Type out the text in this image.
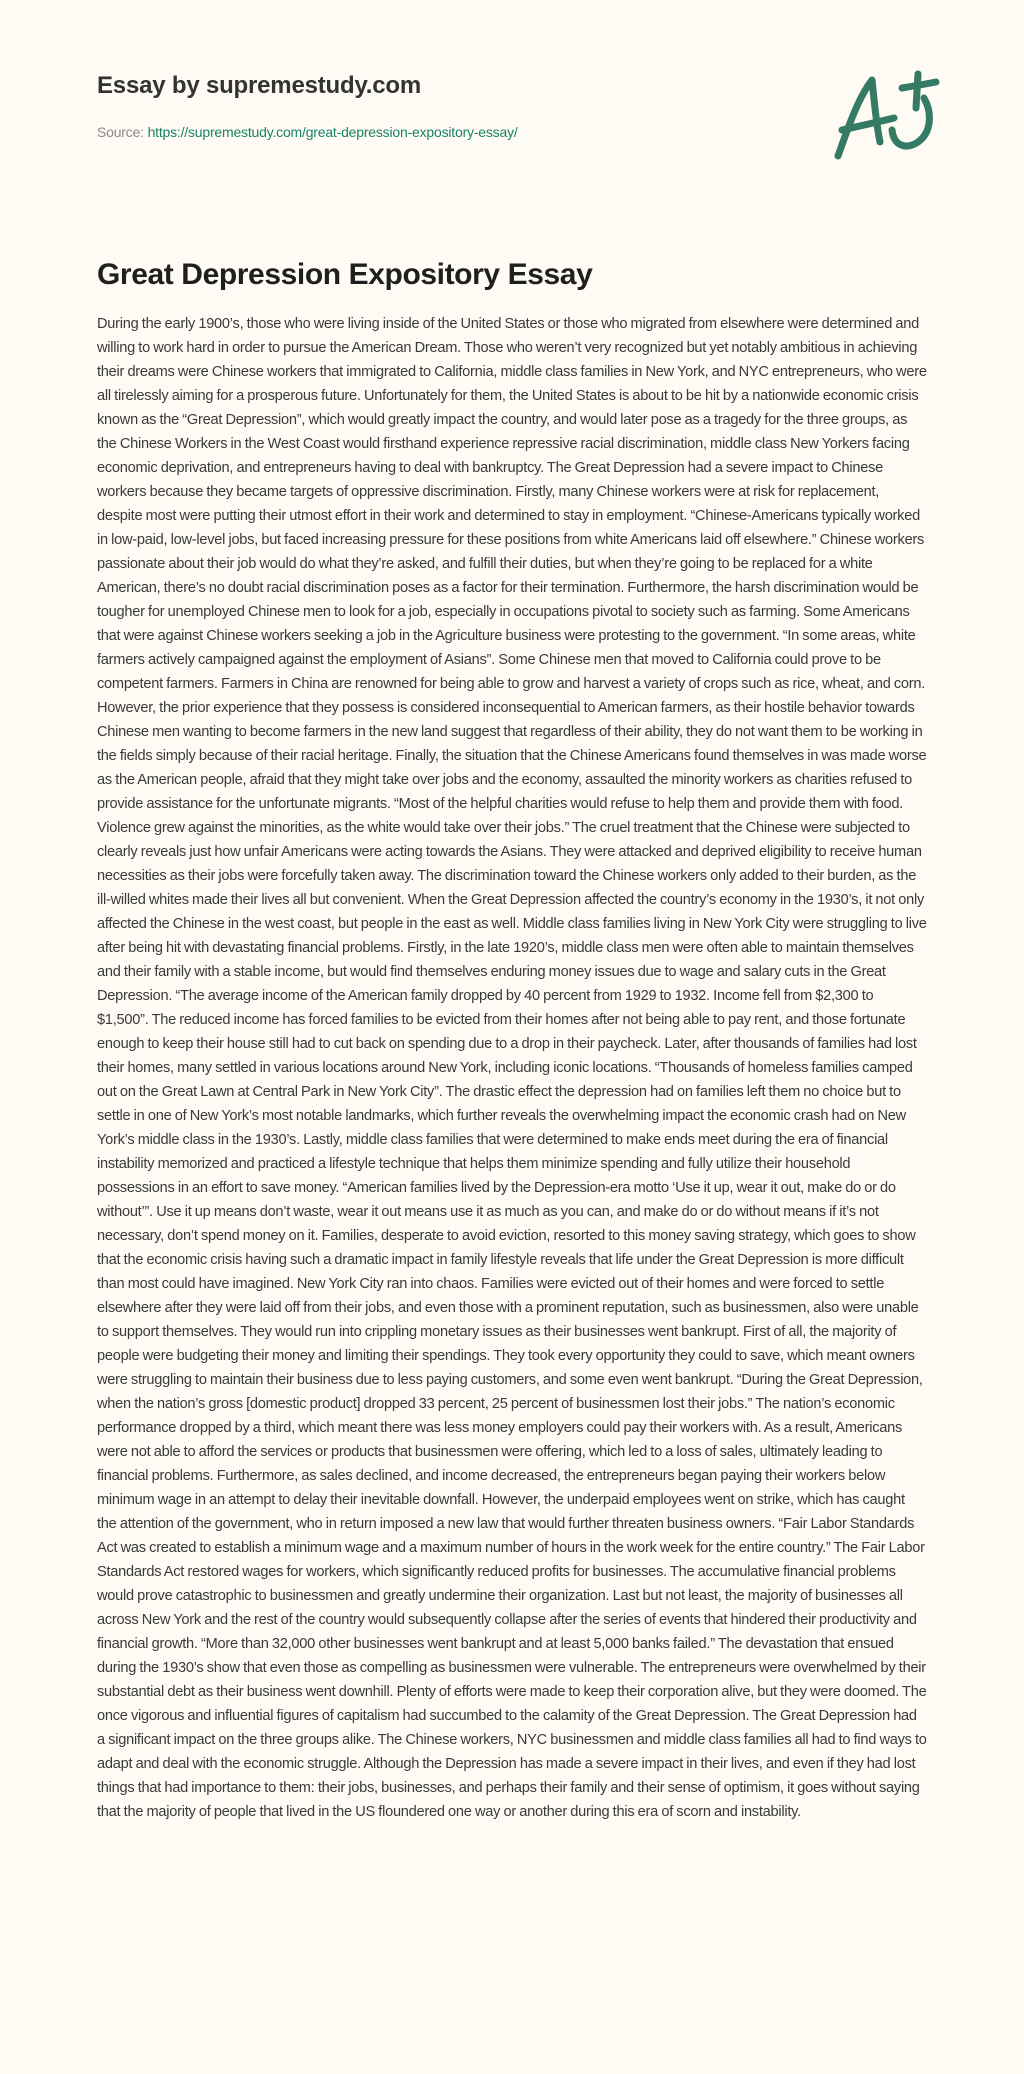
Essay by supremestudy.com
Source: https://supremestudy.com/great-depression-expository-essay/
Great Depression Expository Essay

During the early 1900’s, those who were living inside of the United States or those who migrated from elsewhere were determined and willing to work hard in order to pursue the American Dream. Those who weren’t very recognized but yet notably ambitious in achieving their dreams were Chinese workers that immigrated to California, middle class families in New York, and NYC entrepreneurs, who were all tirelessly aiming for a prosperous future. Unfortunately for them, the United States is about to be hit by a nationwide economic crisis known as the “Great Depression”, which would greatly impact the country, and would later pose as a tragedy for the three groups, as the Chinese Workers in the West Coast would firsthand experience repressive racial discrimination, middle class New Yorkers facing economic deprivation, and entrepreneurs having to deal with bankruptcy. The Great Depression had a severe impact to Chinese workers because they became targets of oppressive discrimination. Firstly, many Chinese workers were at risk for replacement, despite most were putting their utmost effort in their work and determined to stay in employment. “Chinese-Americans typically worked in low-paid, low-level jobs, but faced increasing pressure for these positions from white Americans laid off elsewhere.” Chinese workers passionate about their job would do what they’re asked, and fulfill their duties, but when they’re going to be replaced for a white American, there’s no doubt racial discrimination poses as a factor for their termination. Furthermore, the harsh discrimination would be tougher for unemployed Chinese men to look for a job, especially in occupations pivotal to society such as farming. Some Americans that were against Chinese workers seeking a job in the Agriculture business were protesting to the government. “In some areas, white farmers actively campaigned against the employment of Asians”. Some Chinese men that moved to California could prove to be competent farmers. Farmers in China are renowned for being able to grow and harvest a variety of crops such as rice, wheat, and corn. However, the prior experience that they possess is considered inconsequential to American farmers, as their hostile behavior towards Chinese men wanting to become farmers in the new land suggest that regardless of their ability, they do not want them to be working in the fields simply because of their racial heritage. Finally, the situation that the Chinese Americans found themselves in was made worse as the American people, afraid that they might take over jobs and the economy, assaulted the minority workers as charities refused to provide assistance for the unfortunate migrants. “Most of the helpful charities would refuse to help them and provide them with food. Violence grew against the minorities, as the white would take over their jobs.” The cruel treatment that the Chinese were subjected to clearly reveals just how unfair Americans were acting towards the Asians. They were attacked and deprived eligibility to receive human necessities as their jobs were forcefully taken away. The discrimination toward the Chinese workers only added to their burden, as the ill-willed whites made their lives all but convenient. When the Great Depression affected the country’s economy in the 1930’s, it not only affected the Chinese in the west coast, but people in the east as well. Middle class families living in New York City were struggling to live after being hit with devastating financial problems. Firstly, in the late 1920’s, middle class men were often able to maintain themselves and their family with a stable income, but would find themselves enduring money issues due to wage and salary cuts in the Great Depression. “The average income of the American family dropped by 40 percent from 1929 to 1932. Income fell from $2,300 to $1,500”. The reduced income has forced families to be evicted from their homes after not being able to pay rent, and those fortunate enough to keep their house still had to cut back on spending due to a drop in their paycheck. Later, after thousands of families had lost their homes, many settled in various locations around New York, including iconic locations. “Thousands of homeless families camped out on the Great Lawn at Central Park in New York City”. The drastic effect the depression had on families left them no choice but to settle in one of New York’s most notable landmarks, which further reveals the overwhelming impact the economic crash had on New York’s middle class in the 1930’s. Lastly, middle class families that were determined to make ends meet during the era of financial instability memorized and practiced a lifestyle technique that helps them minimize spending and fully utilize their household possessions in an effort to save money. “American families lived by the Depression-era motto ‘Use it up, wear it out, make do or do without’”. Use it up means don’t waste, wear it out means use it as much as you can, and make do or do without means if it’s not necessary, don’t spend money on it. Families, desperate to avoid eviction, resorted to this money saving strategy, which goes to show that the economic crisis having such a dramatic impact in family lifestyle reveals that life under the Great Depression is more difficult than most could have imagined. New York City ran into chaos. Families were evicted out of their homes and were forced to settle elsewhere after they were laid off from their jobs, and even those with a prominent reputation, such as businessmen, also were unable to support themselves. They would run into crippling monetary issues as their businesses went bankrupt. First of all, the majority of people were budgeting their money and limiting their spendings. They took every opportunity they could to save, which meant owners were struggling to maintain their business due to less paying customers, and some even went bankrupt. “During the Great Depression, when the nation’s gross [domestic product] dropped 33 percent, 25 percent of businessmen lost their jobs.” The nation’s economic performance dropped by a third, which meant there was less money employers could pay their workers with. As a result, Americans were not able to afford the services or products that businessmen were offering, which led to a loss of sales, ultimately leading to financial problems. Furthermore, as sales declined, and income decreased, the entrepreneurs began paying their workers below minimum wage in an attempt to delay their inevitable downfall. However, the underpaid employees went on strike, which has caught the attention of the government, who in return imposed a new law that would further threaten business owners. “Fair Labor Standards Act was created to establish a minimum wage and a maximum number of hours in the work week for the entire country.” The Fair Labor Standards Act restored wages for workers, which significantly reduced profits for businesses. The accumulative financial problems would prove catastrophic to businessmen and greatly undermine their organization. Last but not least, the majority of businesses all across New York and the rest of the country would subsequently collapse after the series of events that hindered their productivity and financial growth. “More than 32,000 other businesses went bankrupt and at least 5,000 banks failed.” The devastation that ensued during the 1930’s show that even those as compelling as businessmen were vulnerable. The entrepreneurs were overwhelmed by their substantial debt as their business went downhill. Plenty of efforts were made to keep their corporation alive, but they were doomed. The once vigorous and influential figures of capitalism had succumbed to the calamity of the Great Depression. The Great Depression had a significant impact on the three groups alike. The Chinese workers, NYC businessmen and middle class families all had to find ways to adapt and deal with the economic struggle. Although the Depression has made a severe impact in their lives, and even if they had lost things that had importance to them: their jobs, businesses, and perhaps their family and their sense of optimism, it goes without saying that the majority of people that lived in the US floundered one way or another during this era of scorn and instability.
